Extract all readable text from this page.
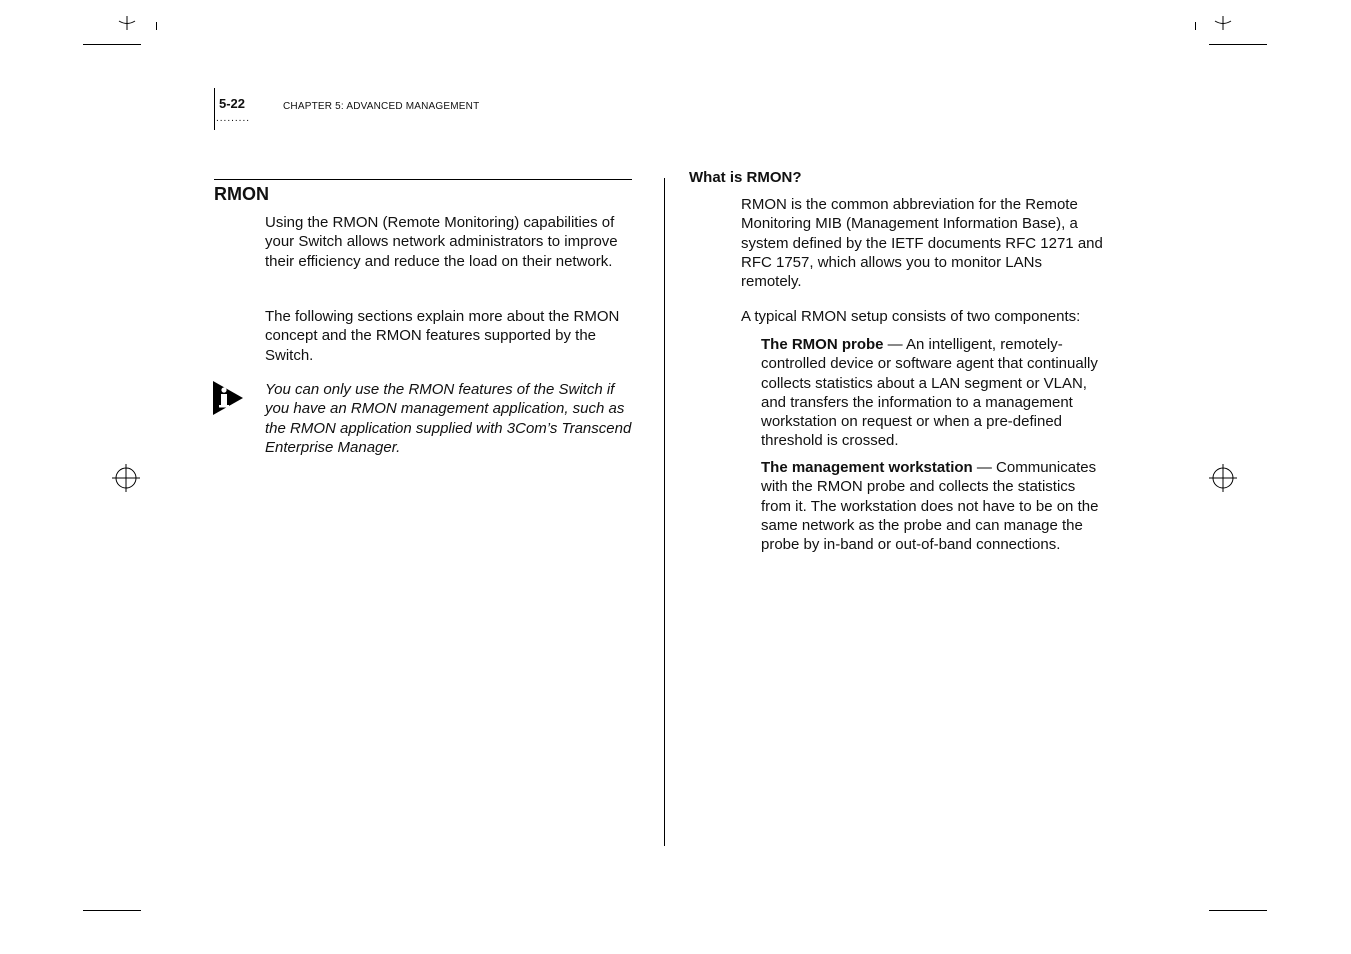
5-22
.........
CHAPTER 5: ADVANCED MANAGEMENT
RMON
Using the RMON (Remote Monitoring) capabilities of your Switch allows network administrators to improve their efficiency and reduce the load on their network.
The following sections explain more about the RMON concept and the RMON features supported by the Switch.
You can only use the RMON features of the Switch if you have an RMON management application, such as the RMON application supplied with 3Com’s Transcend Enterprise Manager.
What is RMON?
RMON is the common abbreviation for the Remote Monitoring MIB (Management Information Base), a system defined by the IETF documents RFC 1271 and RFC 1757, which allows you to monitor LANs remotely.
A typical RMON setup consists of two components:
The RMON probe — An intelligent, remotely-controlled device or software agent that continually collects statistics about a LAN segment or VLAN, and transfers the information to a management workstation on request or when a pre-defined threshold is crossed.
The management workstation — Communicates with the RMON probe and collects the statistics from it. The workstation does not have to be on the same network as the probe and can manage the probe by in-band or out-of-band connections.
